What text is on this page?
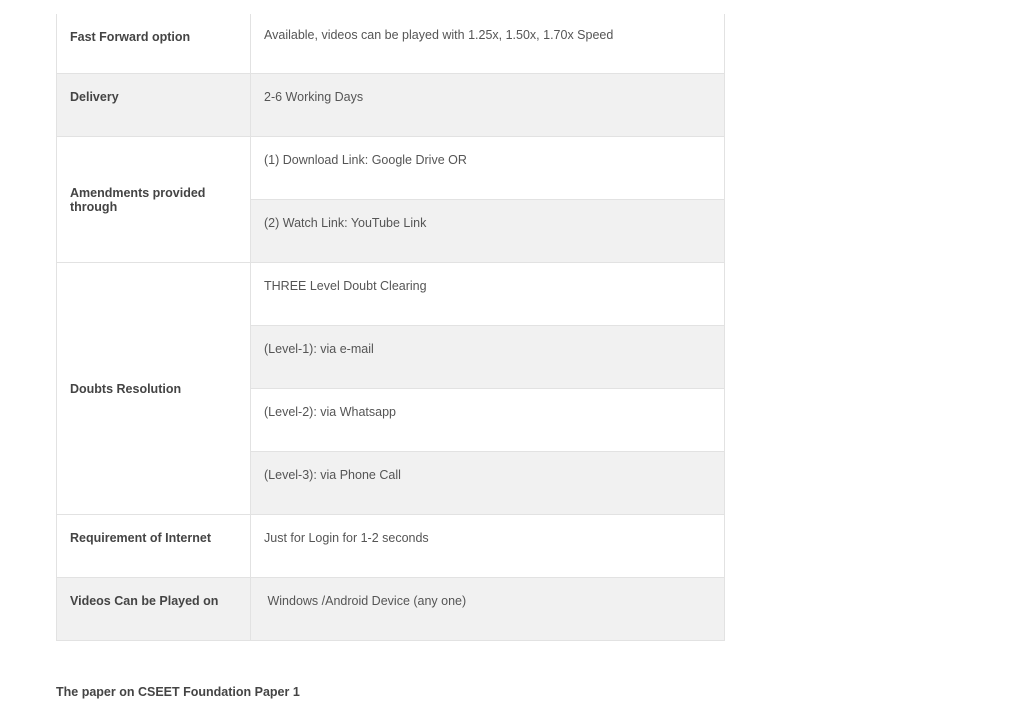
Fast Forward option	Available, videos can be played with 1.25x, 1.50x, 1.70x Speed

Delivery	2-6 Working Days

Amendments provided through	(1) Download Link: Google Drive OR

	(2) Watch Link: YouTube Link

Doubts Resolution	THREE Level Doubt Clearing

	(Level-1): via e-mail

	(Level-2): via Whatsapp

	(Level-3): via Phone Call

Requirement of Internet	Just for Login for 1-2 seconds

Videos Can be Played on	Windows /Android Device (any one)
The paper on CSEET Foundation Paper 1
